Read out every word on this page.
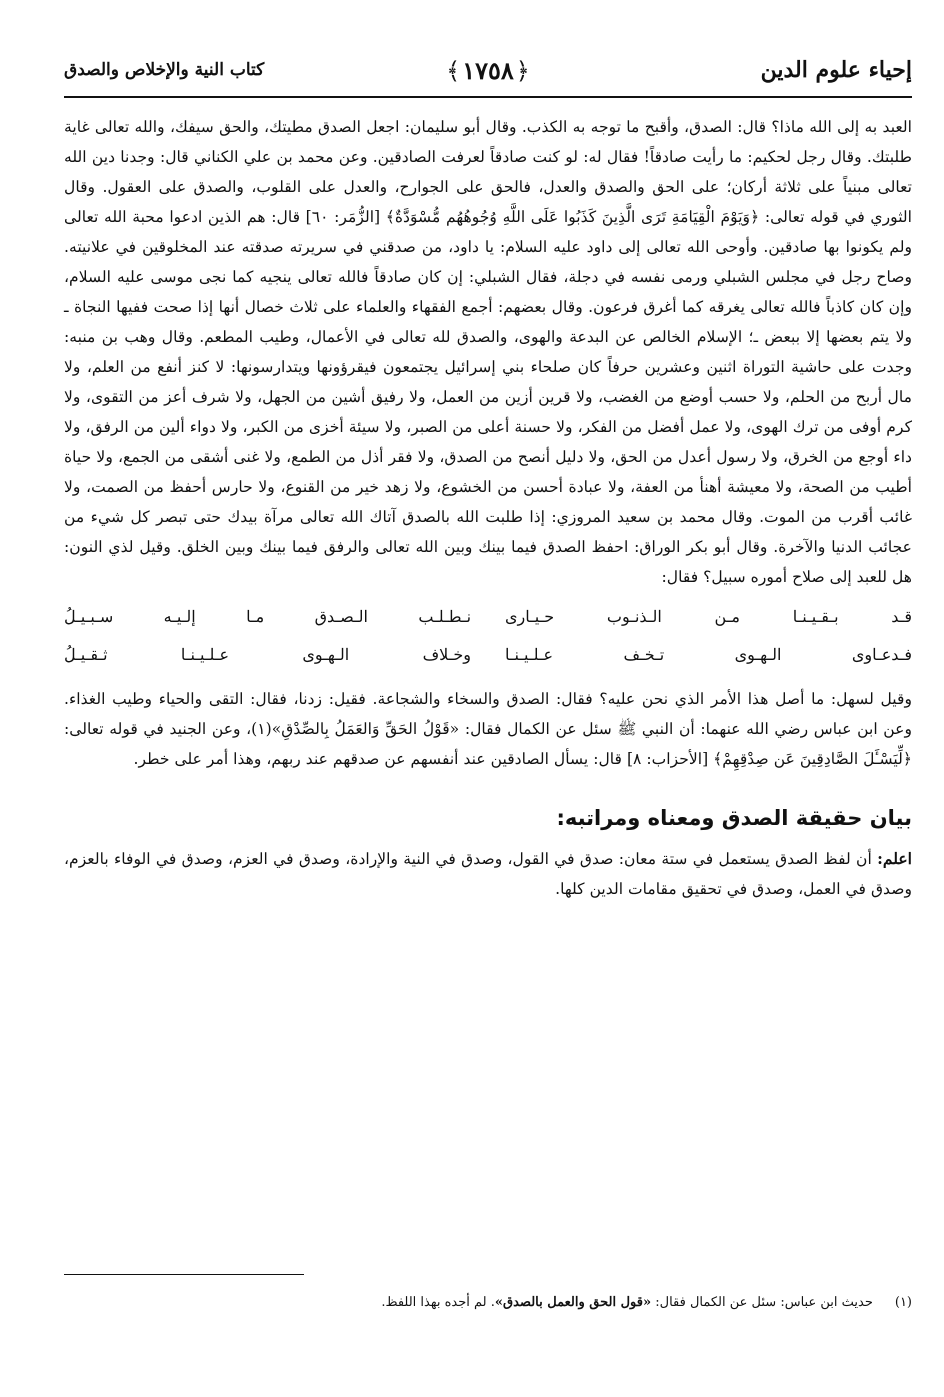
إحياء علوم الدين
﴿١٧٥٨﴾
كتاب النية والإخلاص والصدق

العبد به إلى الله ماذا؟ قال: الصدق، وأقبح ما توجه به الكذب. وقال أبو سليمان: اجعل الصدق مطيتك، والحق سيفك، والله تعالى غاية طلبتك. وقال رجل لحكيم: ما رأيت صادقاً! فقال له: لو كنت صادقاً لعرفت الصادقين. وعن محمد بن علي الكناني قال: وجدنا دين الله تعالى مبنياً على ثلاثة أركان؛ على الحق والصدق والعدل، فالحق على الجوارح، والعدل على القلوب، والصدق على العقول. وقال الثوري في قوله تعالى: ﴿وَيَوْمَ الْقِيَامَةِ تَرَى الَّذِينَ كَذَبُوا عَلَى اللَّهِ وُجُوهُهُم مُّسْوَدَّةٌ﴾ [الزُّمَر: ٦٠] قال: هم الذين ادعوا محبة الله تعالى ولم يكونوا بها صادقين. وأوحى الله تعالى إلى داود عليه السلام: يا داود، من صدقني في سريرته صدقته عند المخلوقين في علانيته. وصاح رجل في مجلس الشبلي ورمى نفسه في دجلة، فقال الشبلي: إن كان صادقاً فالله تعالى ينجيه كما نجى موسى عليه السلام، وإن كان كاذباً فالله تعالى يغرقه كما أغرق فرعون. وقال بعضهم: أجمع الفقهاء والعلماء على ثلاث خصال أنها إذا صحت ففيها النجاة ـ ولا يتم بعضها إلا ببعض ـ؛ الإسلام الخالص عن البدعة والهوى، والصدق لله تعالى في الأعمال، وطيب المطعم. وقال وهب بن منبه: وجدت على حاشية التوراة اثنين وعشرين حرفاً كان صلحاء بني إسرائيل يجتمعون فيقرؤونها ويتدارسونها: لا كنز أنفع من العلم، ولا مال أربح من الحلم، ولا حسب أوضع من الغضب، ولا قرين أزين من العمل، ولا رفيق أشين من الجهل، ولا شرف أعز من التقوى، ولا كرم أوفى من ترك الهوى، ولا عمل أفضل من الفكر، ولا حسنة أعلى من الصبر، ولا سيئة أخزى من الكبر، ولا دواء ألين من الرفق، ولا داء أوجع من الخرق، ولا رسول أعدل من الحق، ولا دليل أنصح من الصدق، ولا فقر أذل من الطمع، ولا غنى أشقى من الجمع، ولا حياة أطيب من الصحة، ولا معيشة أهنأ من العفة، ولا عبادة أحسن من الخشوع، ولا زهد خير من القنوع، ولا حارس أحفظ من الصمت، ولا غائب أقرب من الموت. وقال محمد بن سعيد المروزي: إذا طلبت الله بالصدق آتاك الله تعالى مرآة بيدك حتى تبصر كل شيء من عجائب الدنيا والآخرة. وقال أبو بكر الوراق: احفظ الصدق فيما بينك وبين الله تعالى والرفق فيما بينك وبين الخلق. وقيل لذي النون: هل للعبد إلى صلاح أموره سبيل؟ فقال:

قـد بـقـيـنـا مـن الـذنـوب حـيـارى
نـطـلـب الـصـدق مـا إلـيـه سـبـيـلُ
فـدعـاوى الـهـوى تـخـف عـلـيـنـا
وخـلاف الـهـوى عـلـيـنـا ثـقـيـلُ

وقيل لسهل: ما أصل هذا الأمر الذي نحن عليه؟ فقال: الصدق والسخاء والشجاعة. فقيل: زدنا، فقال: التقى والحياء وطيب الغذاء. وعن ابن عباس رضي الله عنهما: أن النبي ﷺ سئل عن الكمال فقال: «قَوْلُ الحَقِّ وَالعَمَلُ بِالصِّدْقِ»(١)، وعن الجنيد في قوله تعالى: ﴿لِّيَسْـَٔلَ الصَّادِقِينَ عَن صِدْقِهِمْ﴾ [الأحزاب: ٨] قال: يسأل الصادقين عند أنفسهم عن صدقهم عند ربهم، وهذا أمر على خطر.

بيان حقيقة الصدق ومعناه ومراتبه:

اعلم: أن لفظ الصدق يستعمل في ستة معان: صدق في القول، وصدق في النية والإرادة، وصدق في العزم، وصدق في الوفاء بالعزم، وصدق في العمل، وصدق في تحقيق مقامات الدين كلها.

(١)حديث ابن عباس: سئل عن الكمال فقال: «قول الحق والعمل بالصدق». لم أجده بهذا اللفظ.
